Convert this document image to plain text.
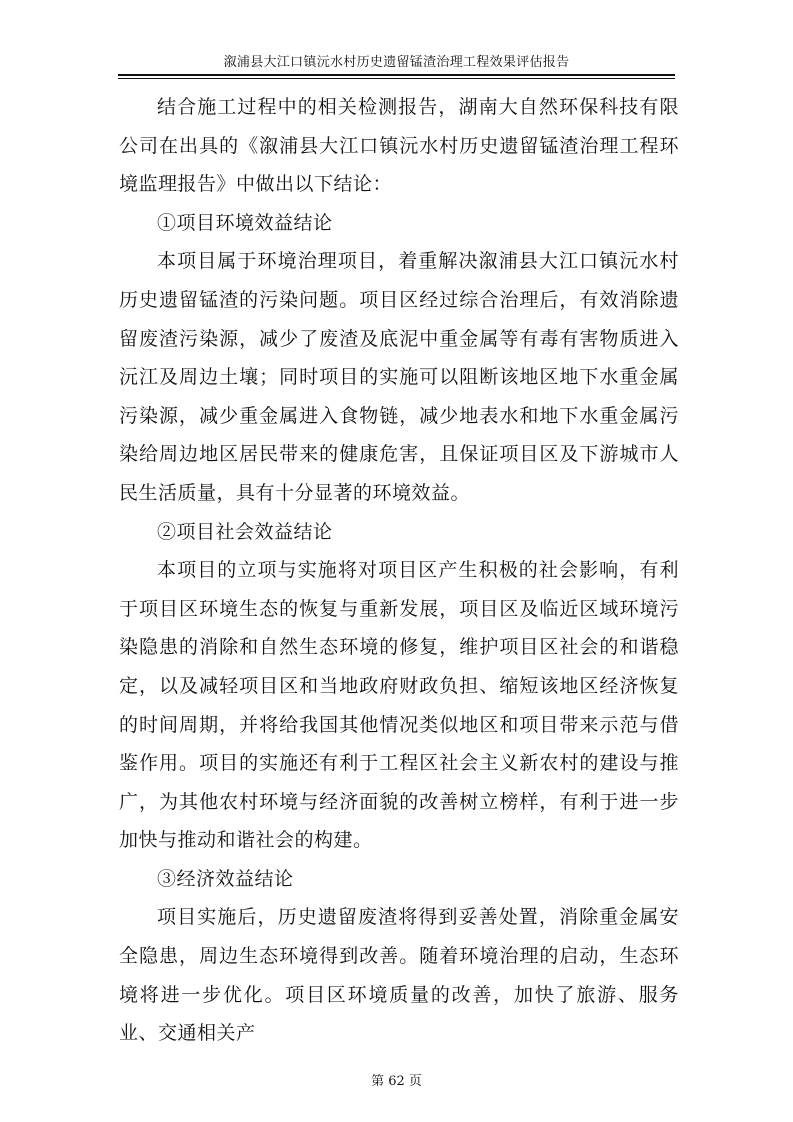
溆浦县大江口镇沅水村历史遗留锰渣治理工程效果评估报告

结合施工过程中的相关检测报告，湖南大自然环保科技有限公司在出具的《溆浦县大江口镇沅水村历史遗留锰渣治理工程环境监理报告》中做出以下结论：

①项目环境效益结论

本项目属于环境治理项目，着重解决溆浦县大江口镇沅水村历史遗留锰渣的污染问题。项目区经过综合治理后，有效消除遗留废渣污染源，减少了废渣及底泥中重金属等有毒有害物质进入沅江及周边土壤；同时项目的实施可以阻断该地区地下水重金属污染源，减少重金属进入食物链，减少地表水和地下水重金属污染给周边地区居民带来的健康危害，且保证项目区及下游城市人民生活质量，具有十分显著的环境效益。

②项目社会效益结论

本项目的立项与实施将对项目区产生积极的社会影响，有利于项目区环境生态的恢复与重新发展，项目区及临近区域环境污染隐患的消除和自然生态环境的修复，维护项目区社会的和谐稳定，以及减轻项目区和当地政府财政负担、缩短该地区经济恢复的时间周期，并将给我国其他情况类似地区和项目带来示范与借鉴作用。项目的实施还有利于工程区社会主义新农村的建设与推广，为其他农村环境与经济面貌的改善树立榜样，有利于进一步加快与推动和谐社会的构建。

③经济效益结论

项目实施后，历史遗留废渣将得到妥善处置，消除重金属安全隐患，周边生态环境得到改善。随着环境治理的启动，生态环境将进一步优化。项目区环境质量的改善，加快了旅游、服务业、交通相关产

第 62 页
